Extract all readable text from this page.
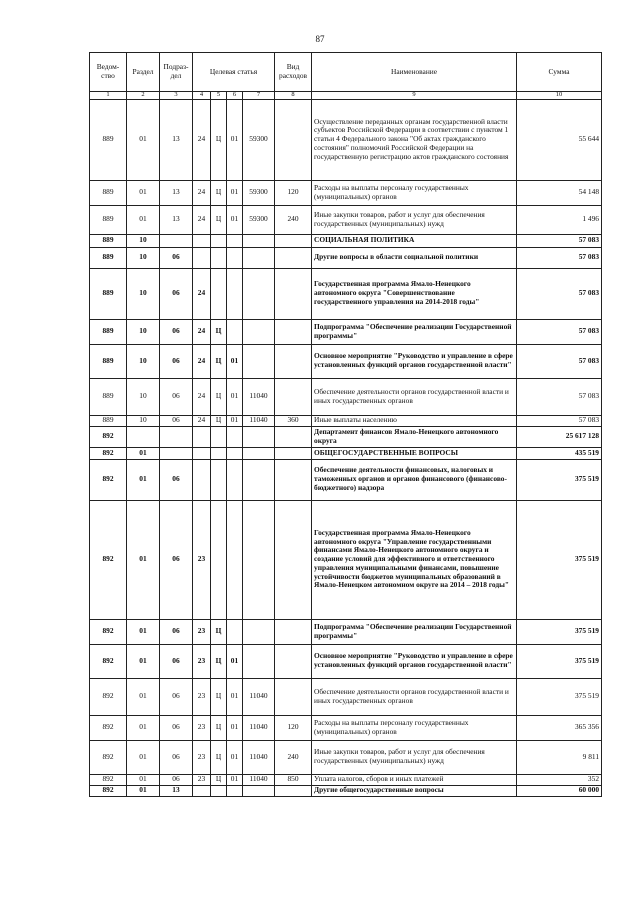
87
Ведом-ство	Раздел	Подраз-дел	Целевая статья				Вид расходов	Наименование	Сумма
1	2	3	4	5	6	7	8	9	10
889	01	13	24	Ц	01	59300		Осуществление переданных органам государственной власти субъектов Российской Федерации в соответствии с пунктом 1 статьи 4 Федерального закона "Об актах гражданского состояния" полномочий Российской Федерации на государственную регистрацию актов гражданского состояния	55 644
889	01	13	24	Ц	01	59300	120	Расходы на выплаты персоналу государственных (муниципальных) органов	54 148
889	01	13	24	Ц	01	59300	240	Иные закупки товаров, работ и услуг для обеспечения государственных (муниципальных) нужд	1 496
889	10							СОЦИАЛЬНАЯ ПОЛИТИКА	57 083
889	10	06						Другие вопросы в области социальной политики	57 083
889	10	06	24					Государственная программа Ямало-Ненецкого автономного округа "Совершенствование государственного управления на 2014-2018 годы"	57 083
889	10	06	24	Ц				Подпрограмма "Обеспечение реализации Государственной программы"	57 083
889	10	06	24	Ц	01			Основное мероприятие "Руководство и управление в сфере установленных функций органов государственной власти"	57 083
889	10	06	24	Ц	01	11040		Обеспечение деятельности органов государственной власти и иных государственных органов	57 083
889	10	06	24	Ц	01	11040	360	Иные выплаты населению	57 083
892								Департамент финансов Ямало-Ненецкого автономного округа	25 617 128
892	01							ОБЩЕГОСУДАРСТВЕННЫЕ ВОПРОСЫ	435 519
892	01	06						Обеспечение деятельности финансовых, налоговых и таможенных органов и органов финансового (финансово-бюджетного) надзора	375 519
892	01	06	23					Государственная программа Ямало-Ненецкого автономного округа "Управление государственными финансами Ямало-Ненецкого автономного округа и создание условий для эффективного и ответственного управления муниципальными финансами, повышение устойчивости бюджетов муниципальных образований в Ямало-Ненецком автономном округе на 2014 – 2018 годы"	375 519
892	01	06	23	Ц				Подпрограмма "Обеспечение реализации Государственной программы"	375 519
892	01	06	23	Ц	01			Основное мероприятие "Руководство и управление в сфере установленных функций органов государственной власти"	375 519
892	01	06	23	Ц	01	11040		Обеспечение деятельности органов государственной власти и иных государственных органов	375 519
892	01	06	23	Ц	01	11040	120	Расходы на выплаты персоналу государственных (муниципальных) органов	365 356
892	01	06	23	Ц	01	11040	240	Иные закупки товаров, работ и услуг для обеспечения государственных (муниципальных) нужд	9 811
892	01	06	23	Ц	01	11040	850	Уплата налогов, сборов и иных платежей	352
892	01	13						Другие общегосударственные вопросы	60 000
